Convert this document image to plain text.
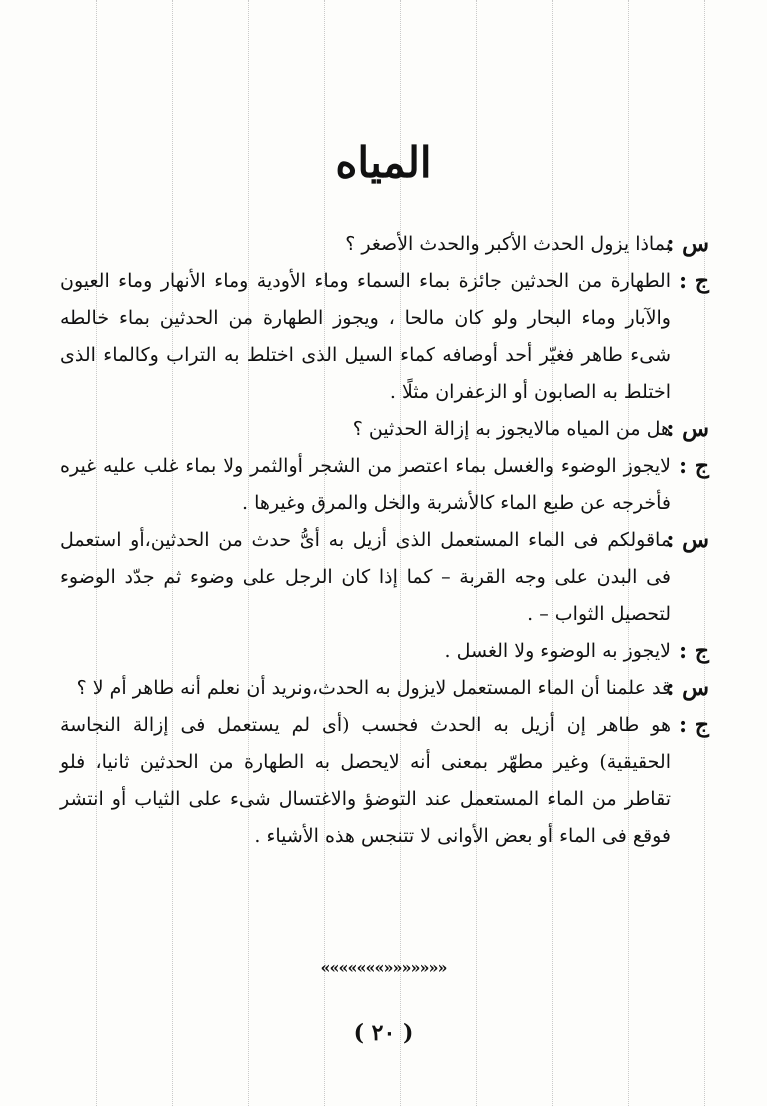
المياه
س :
بماذا يزول الحدث الأكبر والحدث الأصغر ؟
ج :
الطهارة من الحدثين جائزة بماء السماء وماء الأودية وماء الأنهار وماء العيون والآبار وماء البحار ولو كان مالحا ، ويجوز الطهارة من الحدثين بماء خالطه شىء طاهر فغيّر أحد أوصافه كماء السيل الذى اختلط به التراب وكالماء الذى اختلط به الصابون أو الزعفران مثلًا .
س :
هل من المياه مالايجوز به إزالة الحدثين ؟
ج :
لايجوز الوضوء والغسل بماء اعتصر من الشجر أوالثمر ولا بماء غلب عليه غيره فأخرجه عن طبع الماء كالأشربة والخل والمرق وغيرها .
س :
ماقولكم فى الماء المستعمل الذى أزيل به أىُّ حدث من الحدثين،أو استعمل فى البدن على وجه القربة – كما إذا كان الرجل على وضوء ثم جدّد الوضوء لتحصيل الثواب – .
ج :
لايجوز به الوضوء ولا الغسل .
س :
قد علمنا أن الماء المستعمل لايزول به الحدث،ونريد أن نعلم أنه طاهر أم لا ؟
ج :
هو طاهر إن أزيل به الحدث فحسب (أى لم يستعمل فى إزالة النجاسة الحقيقية) وغير مطهّر بمعنى أنه لايحصل به الطهارة من الحدثين ثانيا، فلو تقاطر من الماء المستعمل عند التوضؤ والاغتسال شىء على الثياب أو انتشر فوقع فى الماء أو بعض الأوانى لا تتنجس هذه الأشياء .
«««««««»»»»»»»
( ٢٠ )
